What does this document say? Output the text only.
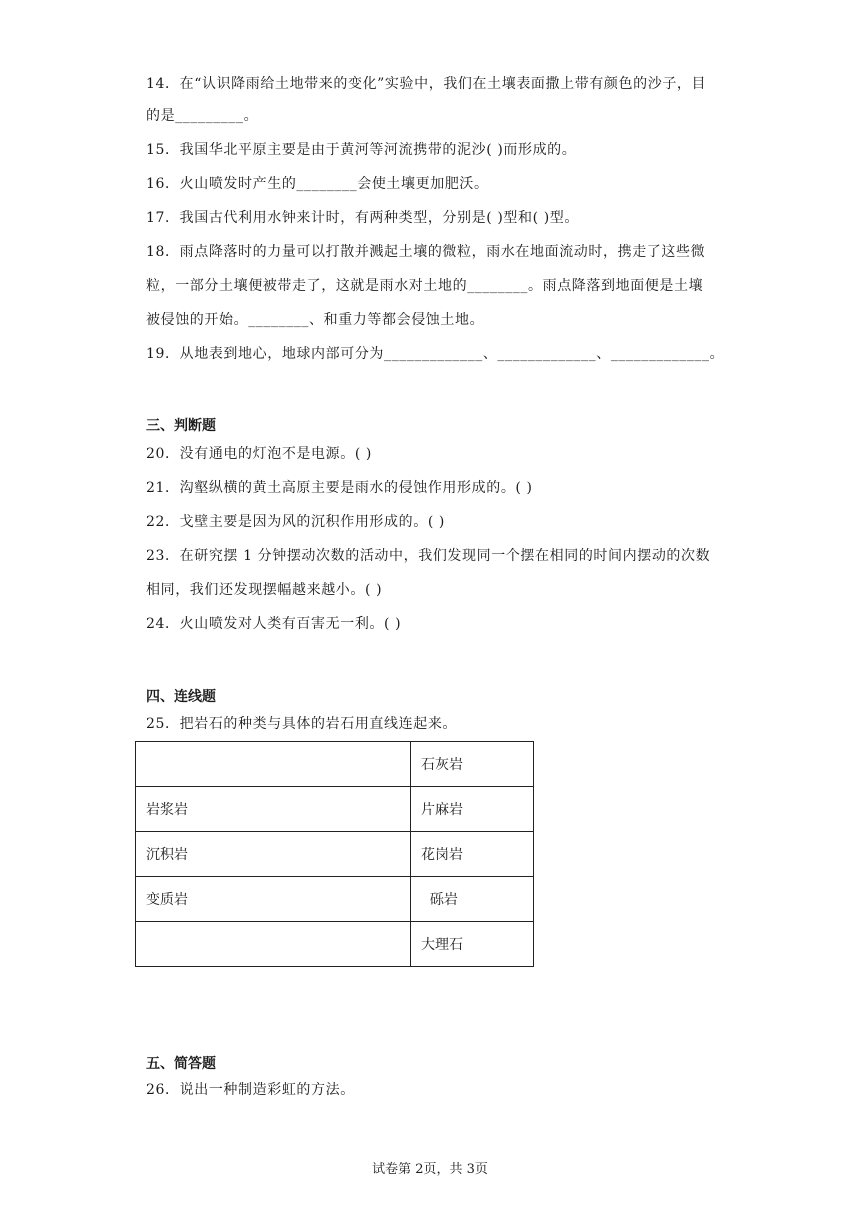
14．在“认识降雨给土地带来的变化”实验中，我们在土壤表面撒上带有颜色的沙子，目
的是_________。
15．我国华北平原主要是由于黄河等河流携带的泥沙( )而形成的。
16．火山喷发时产生的________会使土壤更加肥沃。
17．我国古代利用水钟来计时，有两种类型，分别是( )型和( )型。
18．雨点降落时的力量可以打散并溅起土壤的微粒，雨水在地面流动时，携走了这些微
粒，一部分土壤便被带走了，这就是雨水对土地的________。雨点降落到地面便是土壤
被侵蚀的开始。________、和重力等都会侵蚀土地。
19．从地表到地心，地球内部可分为_____________、_____________、_____________。
三、判断题
20．没有通电的灯泡不是电源。( )
21．沟壑纵横的黄土高原主要是雨水的侵蚀作用形成的。( )
22．戈壁主要是因为风的沉积作用形成的。( )
23．在研究摆 1 分钟摆动次数的活动中，我们发现同一个摆在相同的时间内摆动的次数
相同，我们还发现摆幅越来越小。( )
24．火山喷发对人类有百害无一利。( )
四、连线题
25．把岩石的种类与具体的岩石用直线连起来。
	石灰岩
岩浆岩	片麻岩
沉积岩	花岗岩
变质岩	砾岩
	大理石
五、简答题
26．说出一种制造彩虹的方法。
试卷第 2页，共 3页
